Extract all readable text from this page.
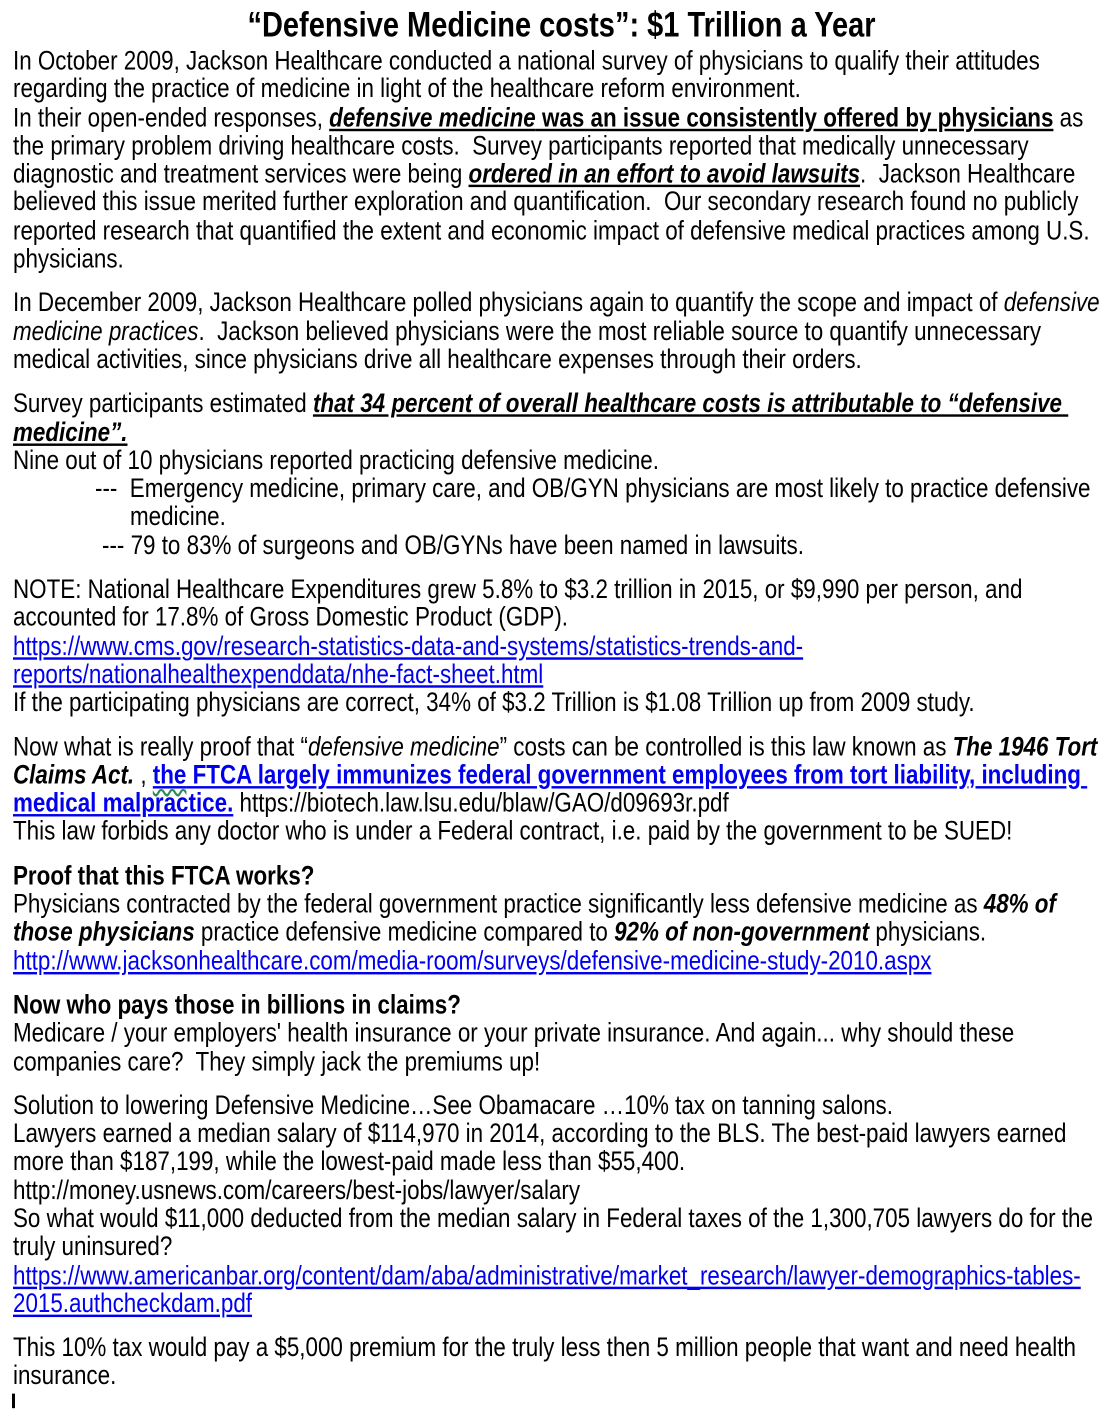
“Defensive Medicine costs”: $1 Trillion a Year
In October 2009, Jackson Healthcare conducted a national survey of physicians to qualify their attitudes regarding the practice of medicine in light of the healthcare reform environment.
In their open-ended responses, defensive medicine was an issue consistently offered by physicians as the primary problem driving healthcare costs.  Survey participants reported that medically unnecessary diagnostic and treatment services were being ordered in an effort to avoid lawsuits.  Jackson Healthcare believed this issue merited further exploration and quantification.  Our secondary research found no publicly reported research that quantified the extent and economic impact of defensive medical practices among U.S. physicians.
In December 2009, Jackson Healthcare polled physicians again to quantify the scope and impact of defensive medicine practices.  Jackson believed physicians were the most reliable source to quantify unnecessary medical activities, since physicians drive all healthcare expenses through their orders.
Survey participants estimated that 34 percent of overall healthcare costs is attributable to “defensive medicine”.
Nine out of 10 physicians reported practicing defensive medicine.
---  Emergency medicine, primary care, and OB/GYN physicians are most likely to practice defensive medicine.
--- 79 to 83% of surgeons and OB/GYNs have been named in lawsuits.
NOTE: National Healthcare Expenditures grew 5.8% to $3.2 trillion in 2015, or $9,990 per person, and accounted for 17.8% of Gross Domestic Product (GDP).
https://www.cms.gov/research-statistics-data-and-systems/statistics-trends-and-reports/nationalhealthexpenddata/nhe-fact-sheet.html
If the participating physicians are correct, 34% of $3.2 Trillion is $1.08 Trillion up from 2009 study.
Now what is really proof that “defensive medicine” costs can be controlled is this law known as The 1946 Tort Claims Act. , the FTCA largely immunizes federal government employees from tort liability, including medical malpractice. https://biotech.law.lsu.edu/blaw/GAO/d09693r.pdf
This law forbids any doctor who is under a Federal contract, i.e. paid by the government to be SUED!
Proof that this FTCA works?
Physicians contracted by the federal government practice significantly less defensive medicine as 48% of those physicians practice defensive medicine compared to 92% of non-government physicians.
http://www.jacksonhealthcare.com/media-room/surveys/defensive-medicine-study-2010.aspx
Now who pays those in billions in claims?
Medicare / your employers' health insurance or your private insurance. And again... why should these companies care?  They simply jack the premiums up!
Solution to lowering Defensive Medicine…See Obamacare …10% tax on tanning salons.
Lawyers earned a median salary of $114,970 in 2014, according to the BLS. The best-paid lawyers earned more than $187,199, while the lowest-paid made less than $55,400.
http://money.usnews.com/careers/best-jobs/lawyer/salary
So what would $11,000 deducted from the median salary in Federal taxes of the 1,300,705 lawyers do for the truly uninsured?
https://www.americanbar.org/content/dam/aba/administrative/market_research/lawyer-demographics-tables-2015.authcheckdam.pdf
This 10% tax would pay a $5,000 premium for the truly less then 5 million people that want and need health insurance.
